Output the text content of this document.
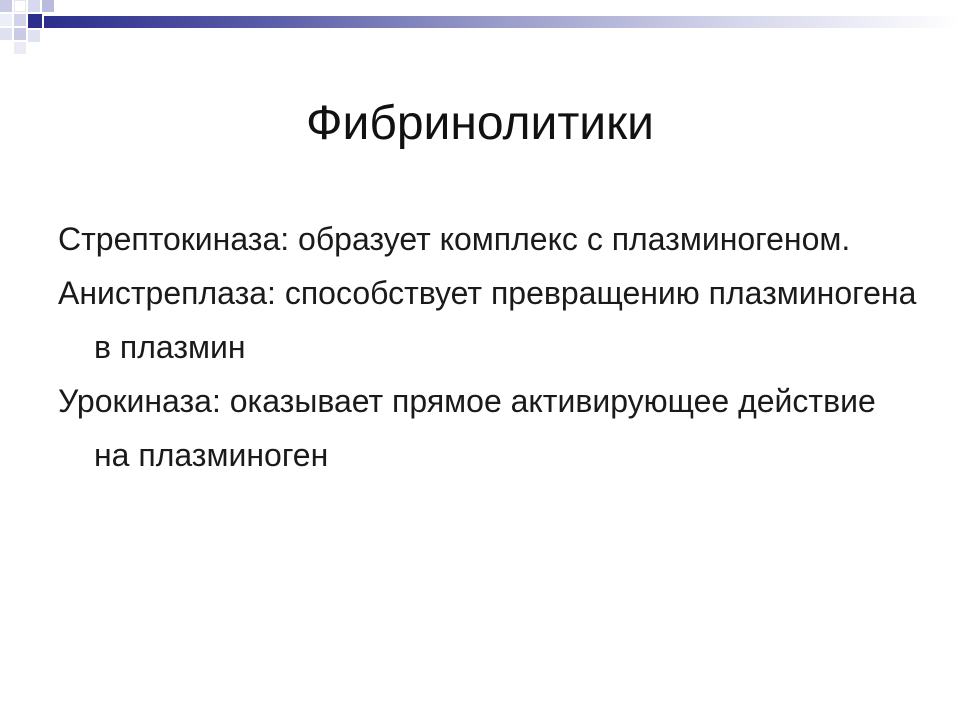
Фибринолитики
Стрептокиназа: образует комплекс с плазминогеном.
Анистреплаза: способствует превращению плазминогена в плазмин
Урокиназа: оказывает прямое активирующее действие на плазминоген
